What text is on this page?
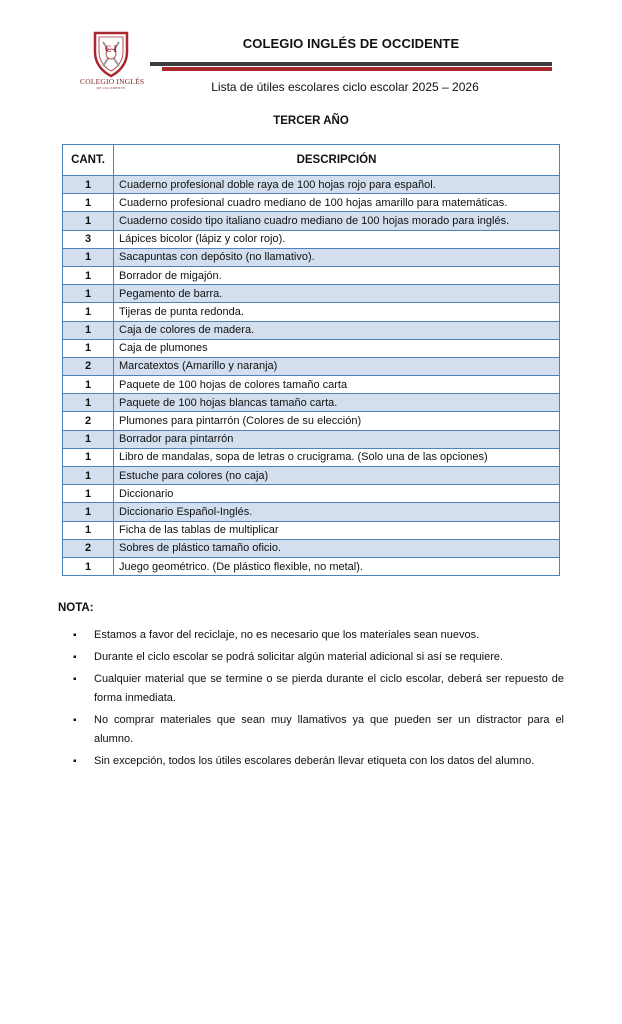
C I
COLEGIO INGLÉS
DE OCCIDENTE
COLEGIO INGLÉS DE OCCIDENTE
Lista de útiles escolares ciclo escolar 2025 – 2026
TERCER AÑO
CANT.	DESCRIPCIÓN
1	Cuaderno profesional doble raya de 100 hojas rojo para español.
1	Cuaderno profesional cuadro mediano de 100 hojas amarillo para matemáticas.
1	Cuaderno cosido tipo italiano cuadro mediano de 100 hojas morado para inglés.
3	Lápices bicolor (lápiz y color rojo).
1	Sacapuntas con depósito (no llamativo).
1	Borrador de migajón.
1	Pegamento de barra.
1	Tijeras de punta redonda.
1	Caja de colores de madera.
1	Caja de plumones
2	Marcatextos (Amarillo y naranja)
1	Paquete de 100 hojas de colores tamaño carta
1	Paquete de 100 hojas blancas tamaño carta.
2	Plumones para pintarrón (Colores de su elección)
1	Borrador para pintarrón
1	Libro de mandalas, sopa de letras o crucigrama. (Solo una de las opciones)
1	Estuche para colores (no caja)
1	Diccionario
1	Diccionario Español-Inglés.
1	Ficha de las tablas de multiplicar
2	Sobres de plástico tamaño oficio.
1	Juego geométrico. (De plástico flexible, no metal).
NOTA:
▪ Estamos a favor del reciclaje, no es necesario que los materiales sean nuevos.
▪ Durante el ciclo escolar se podrá solicitar algún material adicional si así se requiere.
▪ Cualquier material que se termine o se pierda durante el ciclo escolar, deberá ser repuesto de forma inmediata.
▪ No comprar materiales que sean muy llamativos ya que pueden ser un distractor para el alumno.
▪ Sin excepción, todos los útiles escolares deberán llevar etiqueta con los datos del alumno.
